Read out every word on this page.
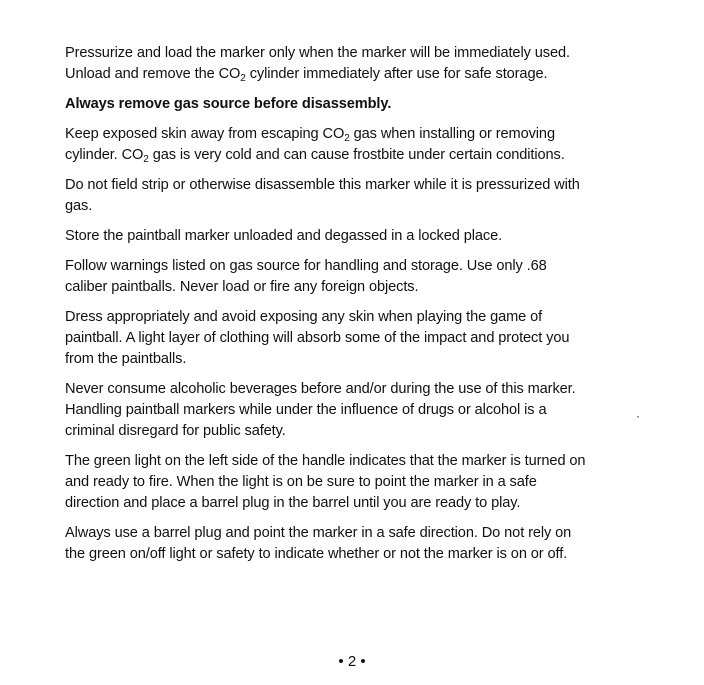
Pressurize and load the marker only when the marker will be immediately used.
Unload and remove the $CO_2$ cylinder immediately after use for safe storage.

Always remove gas source before disassembly.

Keep exposed skin away from escaping $CO_2$ gas when installing or removing
cylinder. $CO_2$ gas is very cold and can cause frostbite under certain conditions.

Do not field strip or otherwise disassemble this marker while it is pressurized with
gas.

Store the paintball marker unloaded and degassed in a locked place.

Follow warnings listed on gas source for handling and storage. Use only .68
caliber paintballs. Never load or fire any foreign objects.

Dress appropriately and avoid exposing any skin when playing the game of
paintball. A light layer of clothing will absorb some of the impact and protect you
from the paintballs.

Never consume alcoholic beverages before and/or during the use of this marker.
Handling paintball markers while under the influence of drugs or alcohol is a
criminal disregard for public safety.

The green light on the left side of the handle indicates that the marker is turned on
and ready to fire. When the light is on be sure to point the marker in a safe
direction and place a barrel plug in the barrel until you are ready to play.

Always use a barrel plug and point the marker in a safe direction. Do not rely on
the green on/off light or safety to indicate whether or not the marker is on or off.

·
• 2 •
